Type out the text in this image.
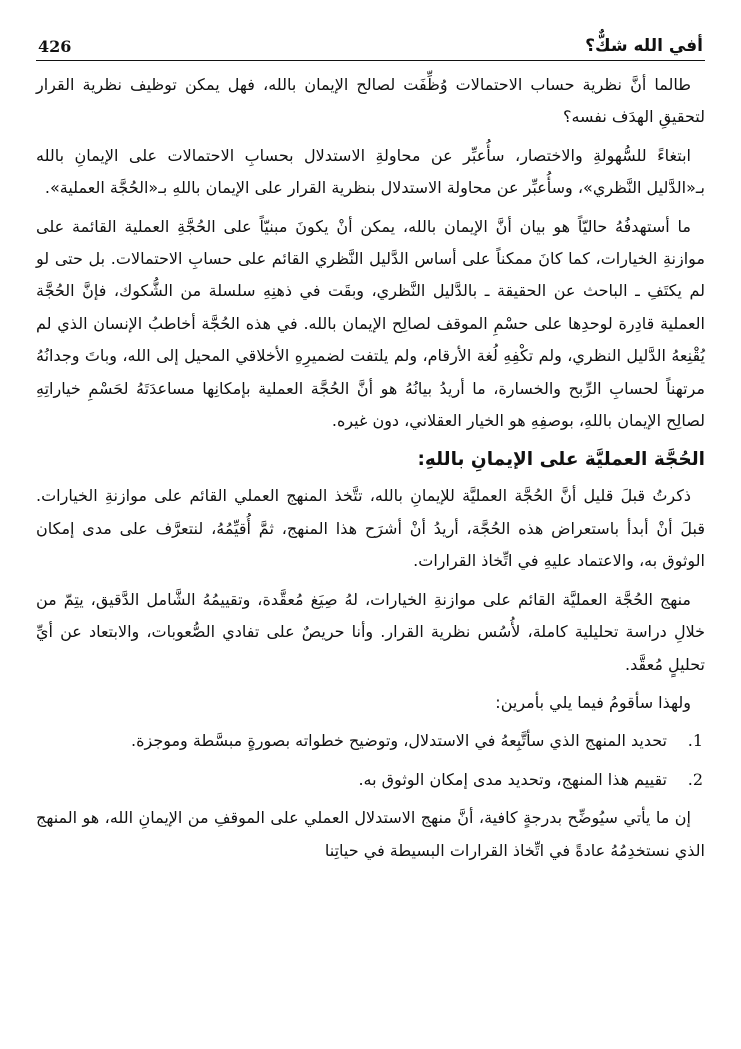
أفي الله شكٌّ؟
426

طالما أنَّ نظرية حساب الاحتمالات وُظِّفَت لصالح الإيمان بالله، فهل يمكن توظيف نظرية القرار لتحقيقِ الهدَف نفسه؟

ابتغاءً للسُّهولةِ والاختصار، سأُعبِّر عن محاولةِ الاستدلال بحسابِ الاحتمالات على الإيمانِ بالله بـ«الدَّليل النَّظري»، وسأُعبِّر عن محاولة الاستدلال بنظرية القرار على الإيمان باللهِ بـ«الحُجَّة العملية».

ما أستهدفُهُ حاليّاً هو بيان أنَّ الإيمان بالله، يمكن أنْ يكونَ مبنيّاً على الحُجَّةِ العملية القائمة على موازنةِ الخيارات، كما كانَ ممكناً على أساس الدَّليل النَّظري القائم على حسابِ الاحتمالات. بل حتى لو لم يكتَفِ ـ الباحث عن الحقيقة ـ بالدَّليل النَّظري، وبقَت في ذهنِهِ سلسلة من الشُّكوك، فإنَّ الحُجَّة العملية قادِرة لوحدِها على حسْمِ الموقف لصالِح الإيمان بالله. في هذه الحُجَّة أخاطبُ الإنسان الذي لم يُقْنِعهُ الدَّليل النظري، ولم تكْفِهِ لُغة الأرقام، ولم يلتفت لضميرِهِ الأخلاقي المحيل إلى الله، وباتَ وجدانُهُ مرتهناً لحسابِ الرِّبح والخسارة، ما أريدُ بيانُهُ هو أنَّ الحُجَّة العملية بإمكانِها مساعدَتَهُ لحَسْمِ خياراتِهِ لصالِح الإيمان باللهِ، بوصفِهِ هو الخيار العقلاني، دون غيره.

الحُجَّة العمليَّة على الإيمانِ باللهِ:

ذكرتُ قبلَ قليل أنَّ الحُجَّة العمليَّة للإيمانِ بالله، تتَّخذ المنهج العملي القائم على موازنةِ الخيارات. قبلَ أنْ أبدأ باستعراض هذه الحُجَّة، أريدُ أنْ أشرَح هذا المنهج، ثمَّ أُقيِّمُهُ، لنتعرَّف على مدى إمكان الوثوق به، والاعتماد عليهِ في اتِّخاذ القرارات.

منهج الحُجَّة العمليَّة القائم على موازنةِ الخيارات، لهُ صِيَغ مُعقَّدة، وتقييمُهُ الشَّامل الدَّقيق، يتِمّ من خلالِ دراسة تحليلية كاملة، لأُسُس نظرية القرار. وأنا حريصٌ على تفادي الصُّعوبات، والابتعاد عن أيِّ تحليلٍ مُعقَّد.

ولهذا سأقومُ فيما يلي بأمرين:

1.
تحديد المنهج الذي سأتَّبِعهُ في الاستدلال، وتوضيح خطواته بصورةٍ مبسَّطة وموجزة.
2.
تقييم هذا المنهج، وتحديد مدى إمكان الوثوق به.

إن ما يأتي سيُوضِّح بدرجةٍ كافية، أنَّ منهج الاستدلال العملي على الموقفِ من الإيمانِ الله، هو المنهج الذي نستخدِمُهُ عادةً في اتِّخاذ القرارات البسيطة في حياتِنا
